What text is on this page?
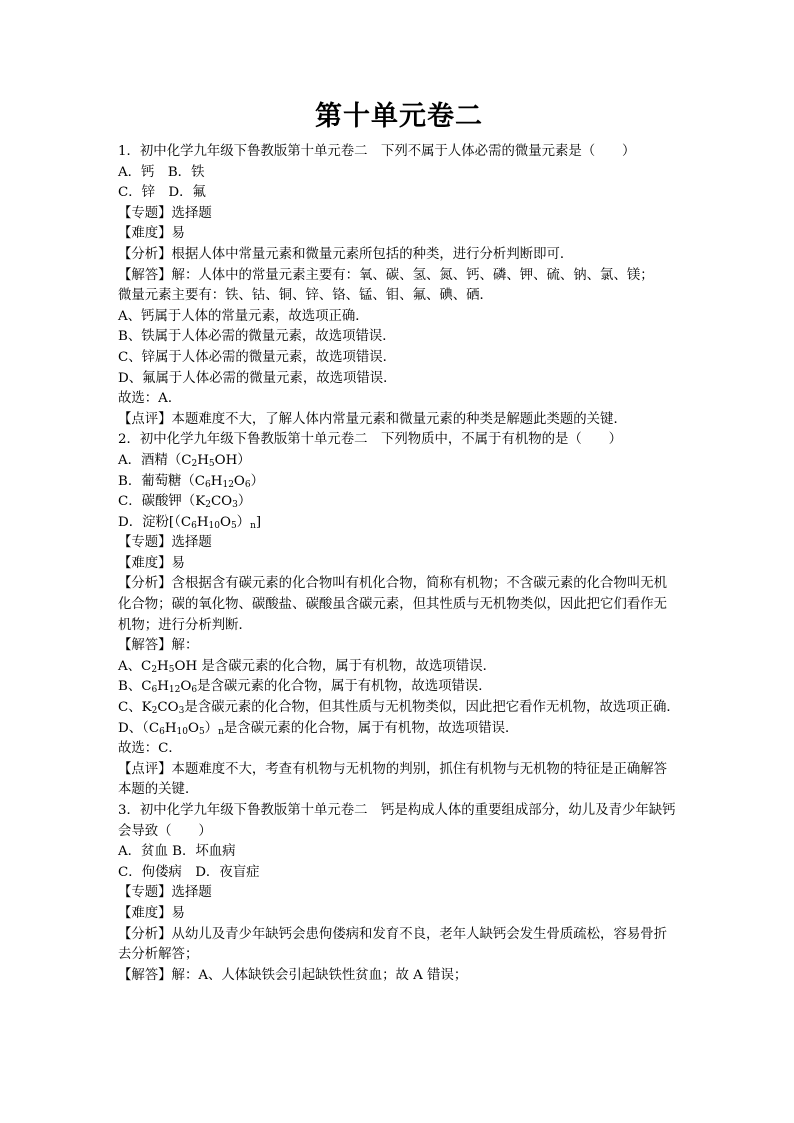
第十单元卷二
1．初中化学九年级下鲁教版第十单元卷二　下列不属于人体必需的微量元素是（　　）
A．钙　B．铁
C．锌　D．氟
【专题】选择题
【难度】易
【分析】根据人体中常量元素和微量元素所包括的种类，进行分析判断即可．
【解答】解：人体中的常量元素主要有：氧、碳、氢、氮、钙、磷、钾、硫、钠、氯、镁；
微量元素主要有：铁、钴、铜、锌、铬、锰、钼、氟、碘、硒．
A、钙属于人体的常量元素，故选项正确．
B、铁属于人体必需的微量元素，故选项错误．
C、锌属于人体必需的微量元素，故选项错误．
D、氟属于人体必需的微量元素，故选项错误．
故选：A．
【点评】本题难度不大，了解人体内常量元素和微量元素的种类是解题此类题的关键．
2．初中化学九年级下鲁教版第十单元卷二　下列物质中，不属于有机物的是（　　）
A．酒精$(C_2H_5OH)$
B．葡萄糖$(C_6H_{12}O_6)$
C．碳酸钾$(K_2CO_3)$
D．淀粉$[(C_6H_{10}O_5)_n]$
【专题】选择题
【难度】易
【分析】含根据含有碳元素的化合物叫有机化合物，简称有机物；不含碳元素的化合物叫无机化合物；碳的氧化物、碳酸盐、碳酸虽含碳元素，但其性质与无机物类似，因此把它们看作无机物；进行分析判断．
【解答】解：
A、$C_2H_5OH$ 是含碳元素的化合物，属于有机物，故选项错误．
B、$C_6H_{12}O_6$是含碳元素的化合物，属于有机物，故选项错误．
C、$K_2CO_3$是含碳元素的化合物，但其性质与无机物类似，因此把它看作无机物，故选项正确．
D、$(C_6H_{10}O_5)_n$是含碳元素的化合物，属于有机物，故选项错误．
故选：C．
【点评】本题难度不大，考查有机物与无机物的判别，抓住有机物与无机物的特征是正确解答本题的关键．
3．初中化学九年级下鲁教版第十单元卷二　钙是构成人体的重要组成部分，幼儿及青少年缺钙会导致（　　）
A．贫血 B．坏血病
C．佝偻病　D．夜盲症
【专题】选择题
【难度】易
【分析】从幼儿及青少年缺钙会患佝偻病和发育不良，老年人缺钙会发生骨质疏松，容易骨折去分析解答；
【解答】解：A、人体缺铁会引起缺铁性贫血；故 A 错误；
